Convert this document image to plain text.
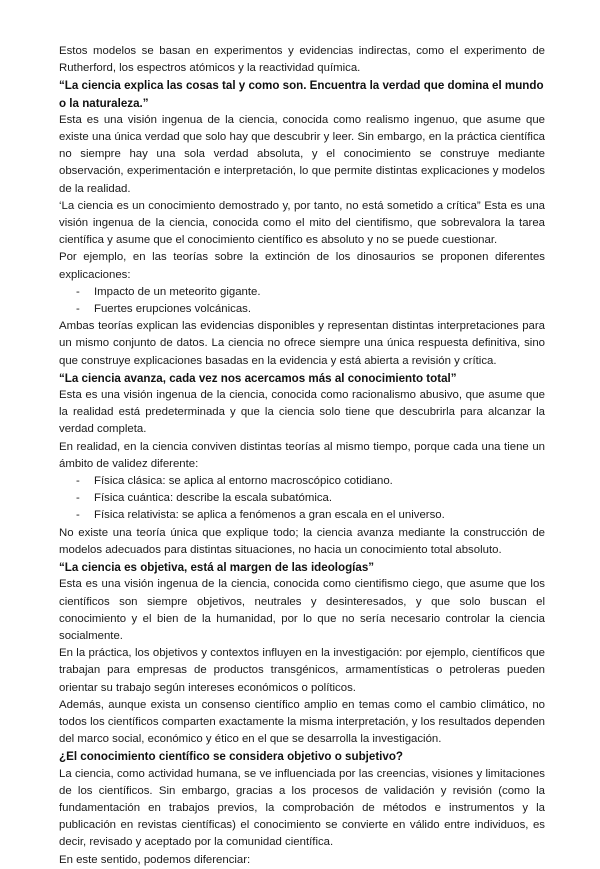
Estos modelos se basan en experimentos y evidencias indirectas, como el experimento de Rutherford, los espectros atómicos y la reactividad química.

“La ciencia explica las cosas tal y como son. Encuentra la verdad que domina el mundo o la naturaleza.”

Esta es una visión ingenua de la ciencia, conocida como realismo ingenuo, que asume que existe una única verdad que solo hay que descubrir y leer. Sin embargo, en la práctica científica no siempre hay una sola verdad absoluta, y el conocimiento se construye mediante observación, experimentación e interpretación, lo que permite distintas explicaciones y modelos de la realidad.

‘La ciencia es un conocimiento demostrado y, por tanto, no está sometido a crítica” Esta es una visión ingenua de la ciencia, conocida como el mito del cientifismo, que sobrevalora la tarea científica y asume que el conocimiento científico es absoluto y no se puede cuestionar.

Por ejemplo, en las teorías sobre la extinción de los dinosaurios se proponen diferentes explicaciones:

- Impacto de un meteorito gigante.
- Fuertes erupciones volcánicas.

Ambas teorías explican las evidencias disponibles y representan distintas interpretaciones para un mismo conjunto de datos. La ciencia no ofrece siempre una única respuesta definitiva, sino que construye explicaciones basadas en la evidencia y está abierta a revisión y crítica.

“La ciencia avanza, cada vez nos acercamos más al conocimiento total”

Esta es una visión ingenua de la ciencia, conocida como racionalismo abusivo, que asume que la realidad está predeterminada y que la ciencia solo tiene que descubrirla para alcanzar la verdad completa.

En realidad, en la ciencia conviven distintas teorías al mismo tiempo, porque cada una tiene un ámbito de validez diferente:

- Física clásica: se aplica al entorno macroscópico cotidiano.
- Física cuántica: describe la escala subatómica.
- Física relativista: se aplica a fenómenos a gran escala en el universo.

No existe una teoría única que explique todo; la ciencia avanza mediante la construcción de modelos adecuados para distintas situaciones, no hacia un conocimiento total absoluto.

“La ciencia es objetiva, está al margen de las ideologías”

Esta es una visión ingenua de la ciencia, conocida como cientifismo ciego, que asume que los científicos son siempre objetivos, neutrales y desinteresados, y que solo buscan el conocimiento y el bien de la humanidad, por lo que no sería necesario controlar la ciencia socialmente.

En la práctica, los objetivos y contextos influyen en la investigación: por ejemplo, científicos que trabajan para empresas de productos transgénicos, armamentísticas o petroleras pueden orientar su trabajo según intereses económicos o políticos.

Además, aunque exista un consenso científico amplio en temas como el cambio climático, no todos los científicos comparten exactamente la misma interpretación, y los resultados dependen del marco social, económico y ético en el que se desarrolla la investigación.

¿El conocimiento científico se considera objetivo o subjetivo?

La ciencia, como actividad humana, se ve influenciada por las creencias, visiones y limitaciones de los científicos. Sin embargo, gracias a los procesos de validación y revisión (como la fundamentación en trabajos previos, la comprobación de métodos e instrumentos y la publicación en revistas científicas) el conocimiento se convierte en válido entre individuos, es decir, revisado y aceptado por la comunidad científica.

En este sentido, podemos diferenciar:
